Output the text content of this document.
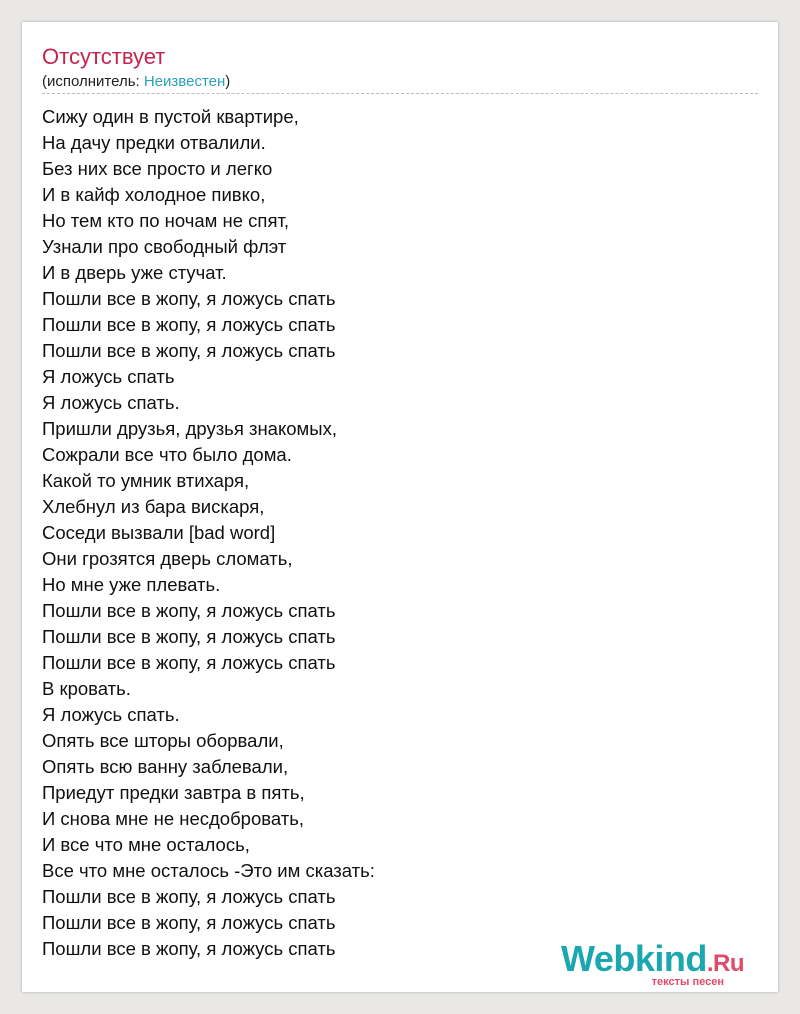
Отсутствует
(исполнитель: Неизвестен)
Сижу один в пустой квартире,
На дачу предки отвалили.
Без них все просто и легко
И в кайф холодное пивко,
Но тем кто по ночам не спят,
Узнали про свободный флэт
И в дверь уже стучат.
Пошли все в жопу, я ложусь спать
Пошли все в жопу, я ложусь спать
Пошли все в жопу, я ложусь спать
Я ложусь спать
Я ложусь спать.
Пришли друзья, друзья знакомых,
Сожрали все что было дома.
Какой то умник втихаря,
Хлебнул из бара вискаря,
Соседи вызвали [bad word]
Они грозятся дверь сломать,
Но мне уже плевать.
Пошли все в жопу, я ложусь спать
Пошли все в жопу, я ложусь спать
Пошли все в жопу, я ложусь спать
В кровать.
Я ложусь спать.
Опять все шторы оборвали,
Опять всю ванну заблевали,
Приедут предки завтра в пять,
И снова мне не несдобровать,
И все что мне осталось,
Все что мне осталось -Это им сказать:
Пошли все в жопу, я ложусь спать
Пошли все в жопу, я ложусь спать
Пошли все в жопу, я ложусь спать	Webkind.Ru
тексты песен
